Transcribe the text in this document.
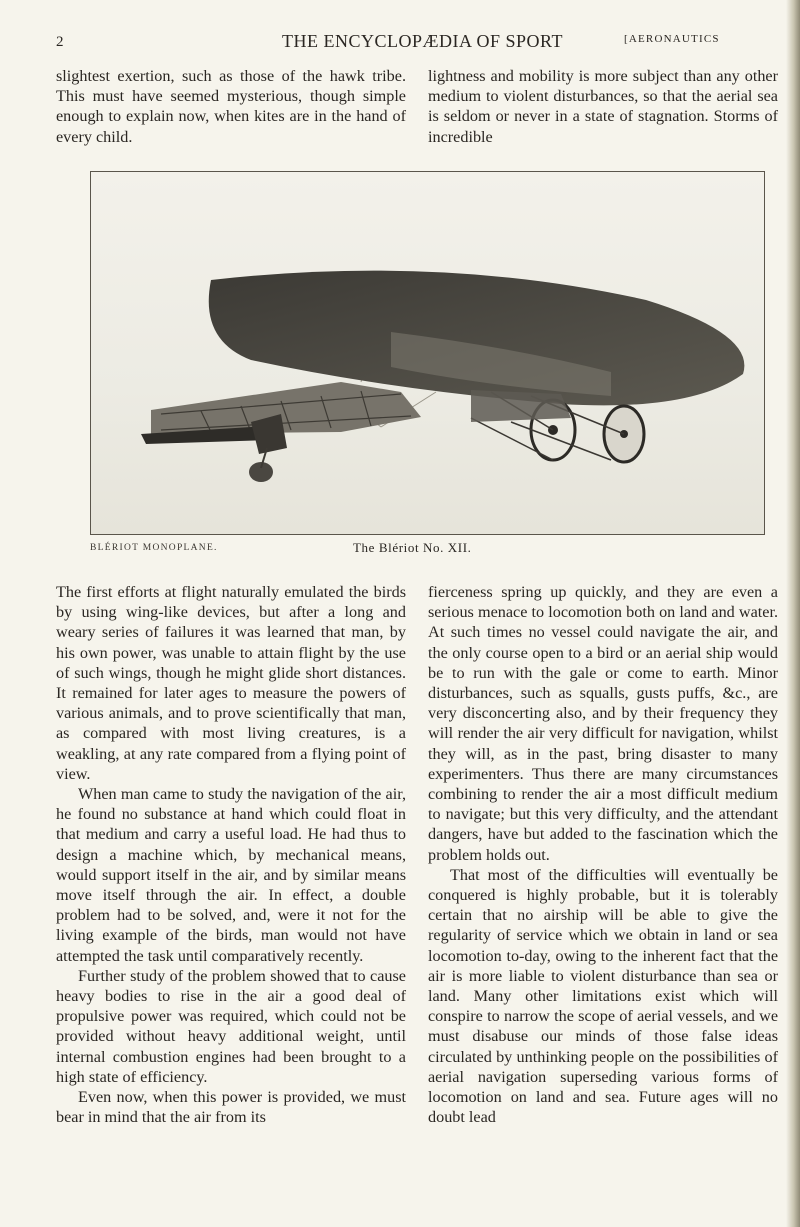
2	THE ENCYCLOPÆDIA OF SPORT	[AERONAUTICS

slightest exertion, such as those of the hawk tribe. This must have seemed mysterious, though simple enough to explain now, when kites are in the hand of every child.

lightness and mobility is more subject than any other medium to violent disturbances, so that the aerial sea is seldom or never in a state of stagnation. Storms of incredible

BLÉRIOT MONOPLANE.	The Blériot No. XII.

The first efforts at flight naturally emulated the birds by using wing-like devices, but after a long and weary series of failures it was learned that man, by his own power, was unable to attain flight by the use of such wings, though he might glide short distances. It remained for later ages to measure the powers of various animals, and to prove scientifically that man, as compared with most living creatures, is a weakling, at any rate compared from a flying point of view.

When man came to study the navigation of the air, he found no substance at hand which could float in that medium and carry a useful load. He had thus to design a machine which, by mechanical means, would support itself in the air, and by similar means move itself through the air. In effect, a double problem had to be solved, and, were it not for the living example of the birds, man would not have attempted the task until comparatively recently.

Further study of the problem showed that to cause heavy bodies to rise in the air a good deal of propulsive power was required, which could not be provided without heavy additional weight, until internal combustion engines had been brought to a high state of efficiency.

Even now, when this power is provided, we must bear in mind that the air from its

fierceness spring up quickly, and they are even a serious menace to locomotion both on land and water. At such times no vessel could navigate the air, and the only course open to a bird or an aerial ship would be to run with the gale or come to earth. Minor disturbances, such as squalls, gusts puffs, &c., are very disconcerting also, and by their frequency they will render the air very difficult for navigation, whilst they will, as in the past, bring disaster to many experimenters. Thus there are many circumstances combining to render the air a most difficult medium to navigate; but this very difficulty, and the attendant dangers, have but added to the fascination which the problem holds out.

That most of the difficulties will eventually be conquered is highly probable, but it is tolerably certain that no airship will be able to give the regularity of service which we obtain in land or sea locomotion to-day, owing to the inherent fact that the air is more liable to violent disturbance than sea or land. Many other limitations exist which will conspire to narrow the scope of aerial vessels, and we must disabuse our minds of those false ideas circulated by unthinking people on the possibilities of aerial navigation superseding various forms of locomotion on land and sea. Future ages will no doubt lead
